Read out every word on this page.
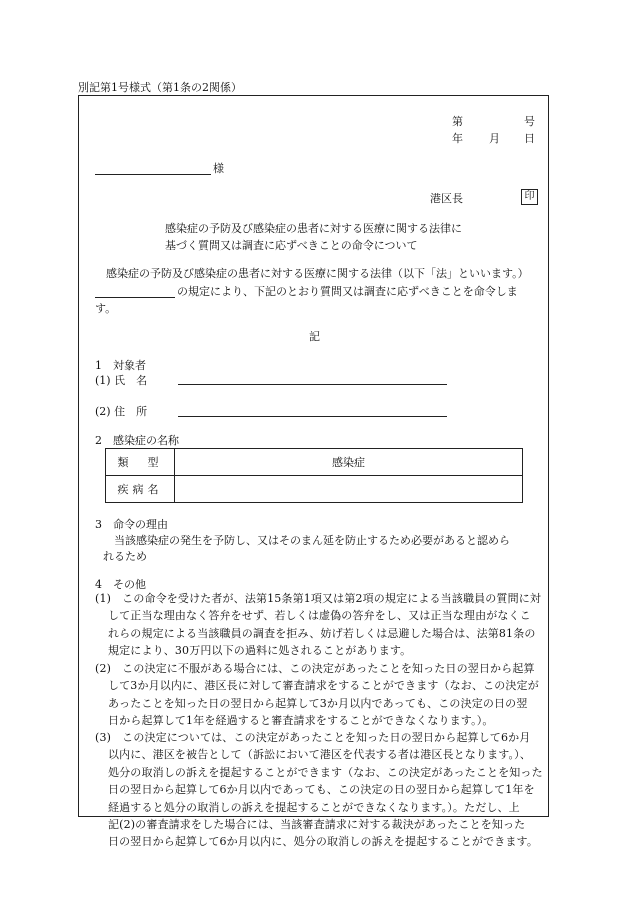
別記第1号様式（第1条の2関係）
第	号
年 月 日
様
港区長	印
感染症の予防及び感染症の患者に対する医療に関する法律に
基づく質問又は調査に応ずべきことの命令について
感染症の予防及び感染症の患者に対する医療に関する法律（以下「法」といいます。）
の規定により、下記のとおり質問又は調査に応ずべきことを命令しま
す。
記
1　対象者
(1) 氏　名
(2) 住　所
2　感染症の名称
類　型	感染症
疾病名	
3　命令の理由
当該感染症の発生を予防し、又はそのまん延を防止するため必要があると認めら
れるため
4　その他
(1)　この命令を受けた者が、法第15条第1項又は第2項の規定による当該職員の質問に対
して正当な理由なく答弁をせず、若しくは虚偽の答弁をし、又は正当な理由がなくこ
れらの規定による当該職員の調査を拒み、妨げ若しくは忌避した場合は、法第81条の
規定により、30万円以下の過料に処されることがあります。
(2)　この決定に不服がある場合には、この決定があったことを知った日の翌日から起算
して3か月以内に、港区長に対して審査請求をすることができます（なお、この決定が
あったことを知った日の翌日から起算して3か月以内であっても、この決定の日の翌
日から起算して1年を経過すると審査請求をすることができなくなります。）。
(3)　この決定については、この決定があったことを知った日の翌日から起算して6か月
以内に、港区を被告として（訴訟において港区を代表する者は港区長となります。）、
処分の取消しの訴えを提起することができます（なお、この決定があったことを知った
日の翌日から起算して6か月以内であっても、この決定の日の翌日から起算して1年を
経過すると処分の取消しの訴えを提起することができなくなります。）。ただし、上
記(2)の審査請求をした場合には、当該審査請求に対する裁決があったことを知った
日の翌日から起算して6か月以内に、処分の取消しの訴えを提起することができます。
